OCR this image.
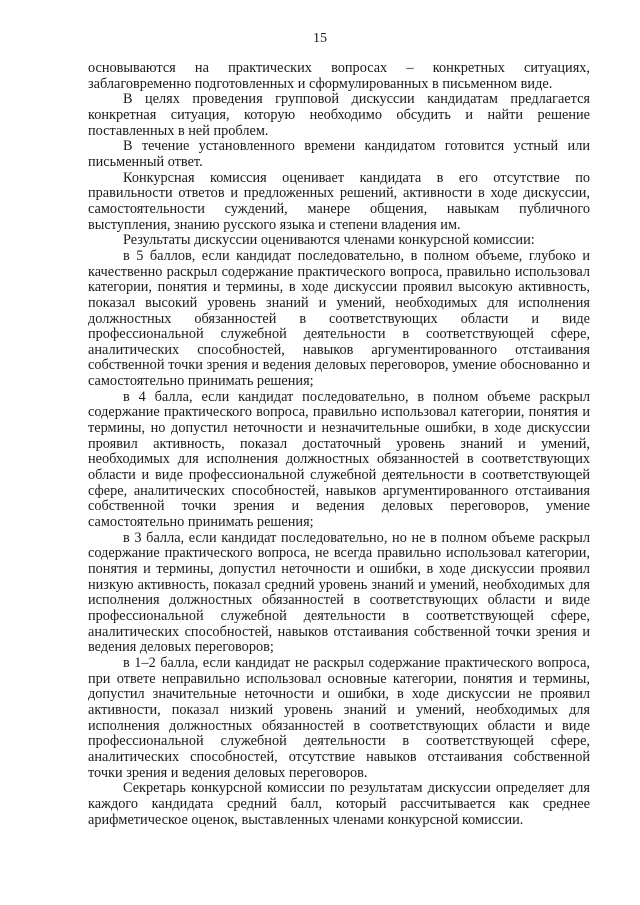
15

основываются на практических вопросах – конкретных ситуациях, заблаговременно подготовленных и сформулированных в письменном виде.

В целях проведения групповой дискуссии кандидатам предлагается конкретная ситуация, которую необходимо обсудить и найти решение поставленных в ней проблем.

В течение установленного времени кандидатом готовится устный или письменный ответ.

Конкурсная комиссия оценивает кандидата в его отсутствие по правильности ответов и предложенных решений, активности в ходе дискуссии, самостоятельности суждений, манере общения, навыкам публичного выступления, знанию русского языка и степени владения им.

Результаты дискуссии оцениваются членами конкурсной комиссии:

в 5 баллов, если кандидат последовательно, в полном объеме, глубоко и качественно раскрыл содержание практического вопроса, правильно использовал категории, понятия и термины, в ходе дискуссии проявил высокую активность, показал высокий уровень знаний и умений, необходимых для исполнения должностных обязанностей в соответствующих области и виде профессиональной служебной деятельности в соответствующей сфере, аналитических способностей, навыков аргументированного отстаивания собственной точки зрения и ведения деловых переговоров, умение обоснованно и самостоятельно принимать решения;

в 4 балла, если кандидат последовательно, в полном объеме раскрыл содержание практического вопроса, правильно использовал категории, понятия и термины, но допустил неточности и незначительные ошибки, в ходе дискуссии проявил активность, показал достаточный уровень знаний и умений, необходимых для исполнения должностных обязанностей в соответствующих области и виде профессиональной служебной деятельности в соответствующей сфере, аналитических способностей, навыков аргументированного отстаивания собственной точки зрения и ведения деловых переговоров, умение самостоятельно принимать решения;

в 3 балла, если кандидат последовательно, но не в полном объеме раскрыл содержание практического вопроса, не всегда правильно использовал категории, понятия и термины, допустил неточности и ошибки, в ходе дискуссии проявил низкую активность, показал средний уровень знаний и умений, необходимых для исполнения должностных обязанностей в соответствующих области и виде профессиональной служебной деятельности в соответствующей сфере, аналитических способностей, навыков отстаивания собственной точки зрения и ведения деловых переговоров;

в 1–2 балла, если кандидат не раскрыл содержание практического вопроса, при ответе неправильно использовал основные категории, понятия и термины, допустил значительные неточности и ошибки, в ходе дискуссии не проявил активности, показал низкий уровень знаний и умений, необходимых для исполнения должностных обязанностей в соответствующих области и виде профессиональной служебной деятельности в соответствующей сфере, аналитических способностей, отсутствие навыков отстаивания собственной точки зрения и ведения деловых переговоров.

Секретарь конкурсной комиссии по результатам дискуссии определяет для каждого кандидата средний балл, который рассчитывается как среднее арифметическое оценок, выставленных членами конкурсной комиссии.
